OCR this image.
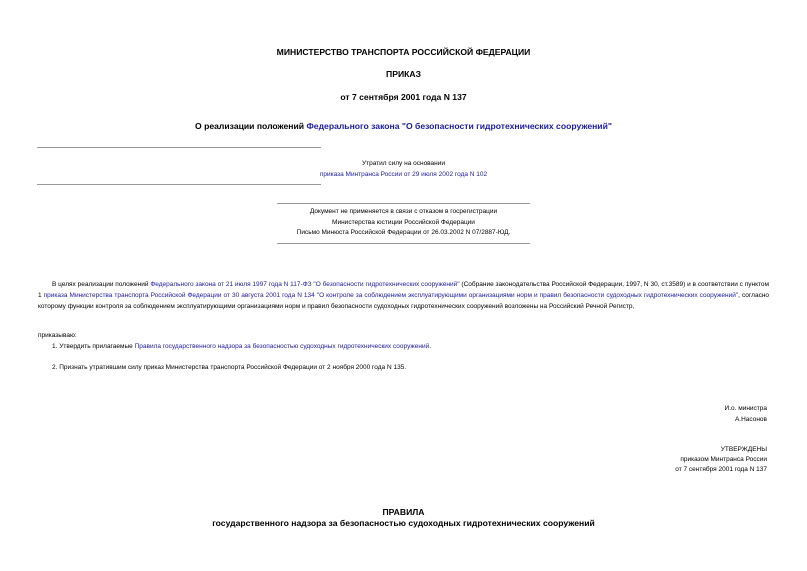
МИНИСТЕРСТВО ТРАНСПОРТА РОССИЙСКОЙ ФЕДЕРАЦИИ
ПРИКАЗ
от 7 сентября 2001 года N 137
О реализации положений Федерального закона "О безопасности гидротехнических сооружений"
Утратил силу на основании
приказа Минтранса России от 29 июля 2002 года N 102
Документ не применяется в связи с отказом в госрегистрации
Министерства юстиции Российской Федерации
Письмо Минюста Российской Федерации от 26.03.2002 N 07/2887-ЮД.
В целях реализации положений Федерального закона от 21 июля 1997 года N 117-ФЗ "О безопасности гидротехнических сооружений" (Собрание законодательства Российской Федерации, 1997, N 30, ст.3589) и в соответствии с пунктом 1 приказа Министерства транспорта Российской Федерации от 30 августа 2001 года N 134 "О контроле за соблюдением эксплуатирующими организациями норм и правил безопасности судоходных гидротехнических сооружений", согласно которому функции контроля за соблюдением эксплуатирующими организациями норм и правил безопасности судоходных гидротехнических сооружений возложены на Российский Речной Регистр,
приказываю:
1. Утвердить прилагаемые Правила государственного надзора за безопасностью судоходных гидротехнических сооружений.
2. Признать утратившим силу приказ Министерства транспорта Российской Федерации от 2 ноября 2000 года N 135.
И.о. министра
А.Насонов
УТВЕРЖДЕНЫ
приказом Минтранса России
от 7 сентября 2001 года N 137
ПРАВИЛА
государственного надзора за безопасностью судоходных гидротехнических сооружений
